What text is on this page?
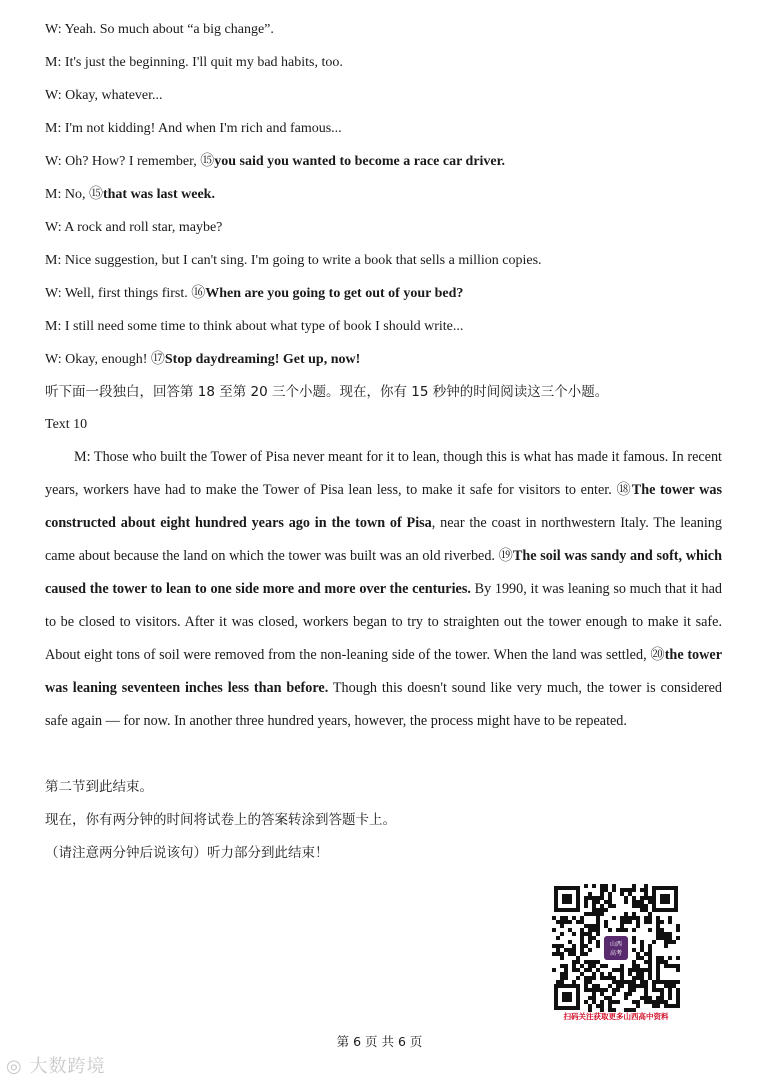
W: Yeah. So much about “a big change”.
M: It's just the beginning. I'll quit my bad habits, too.
W: Okay, whatever...
M: I'm not kidding! And when I'm rich and famous...
W: Oh? How? I remember, ⑮you said you wanted to become a race car driver.
M: No, ⑮that was last week.
W: A rock and roll star, maybe?
M: Nice suggestion, but I can't sing. I'm going to write a book that sells a million copies.
W: Well, first things first. ⑯When are you going to get out of your bed?
M: I still need some time to think about what type of book I should write...
W: Okay, enough! ⑰Stop daydreaming! Get up, now!
听下面一段独白，回答第 18 至第 20 三个小题。现在，你有 15 秒钟的时间阅读这三个小题。
Text 10

M: Those who built the Tower of Pisa never meant for it to lean, though this is what has made it famous. In recent years, workers have had to make the Tower of Pisa lean less, to make it safe for visitors to enter. ⑱The tower was constructed about eight hundred years ago in the town of Pisa, near the coast in northwestern Italy. The leaning came about because the land on which the tower was built was an old riverbed. ⑲The soil was sandy and soft, which caused the tower to lean to one side more and more over the centuries. By 1990, it was leaning so much that it had to be closed to visitors. After it was closed, workers began to try to straighten out the tower enough to make it safe. About eight tons of soil were removed from the non-leaning side of the tower. When the land was settled, ⑳the tower was leaning seventeen inches less than before. Though this doesn't sound like very much, the tower is considered safe again — for now. In another three hundred years, however, the process might have to be repeated.

第二节到此结束。
现在，你有两分钟的时间将试卷上的答案转涂到答题卡上。
（请注意两分钟后说该句）听力部分到此结束！
山西
高考
扫码关注获取更多山西高中资料
第 6 页 共 6 页
◎ 大数跨境
